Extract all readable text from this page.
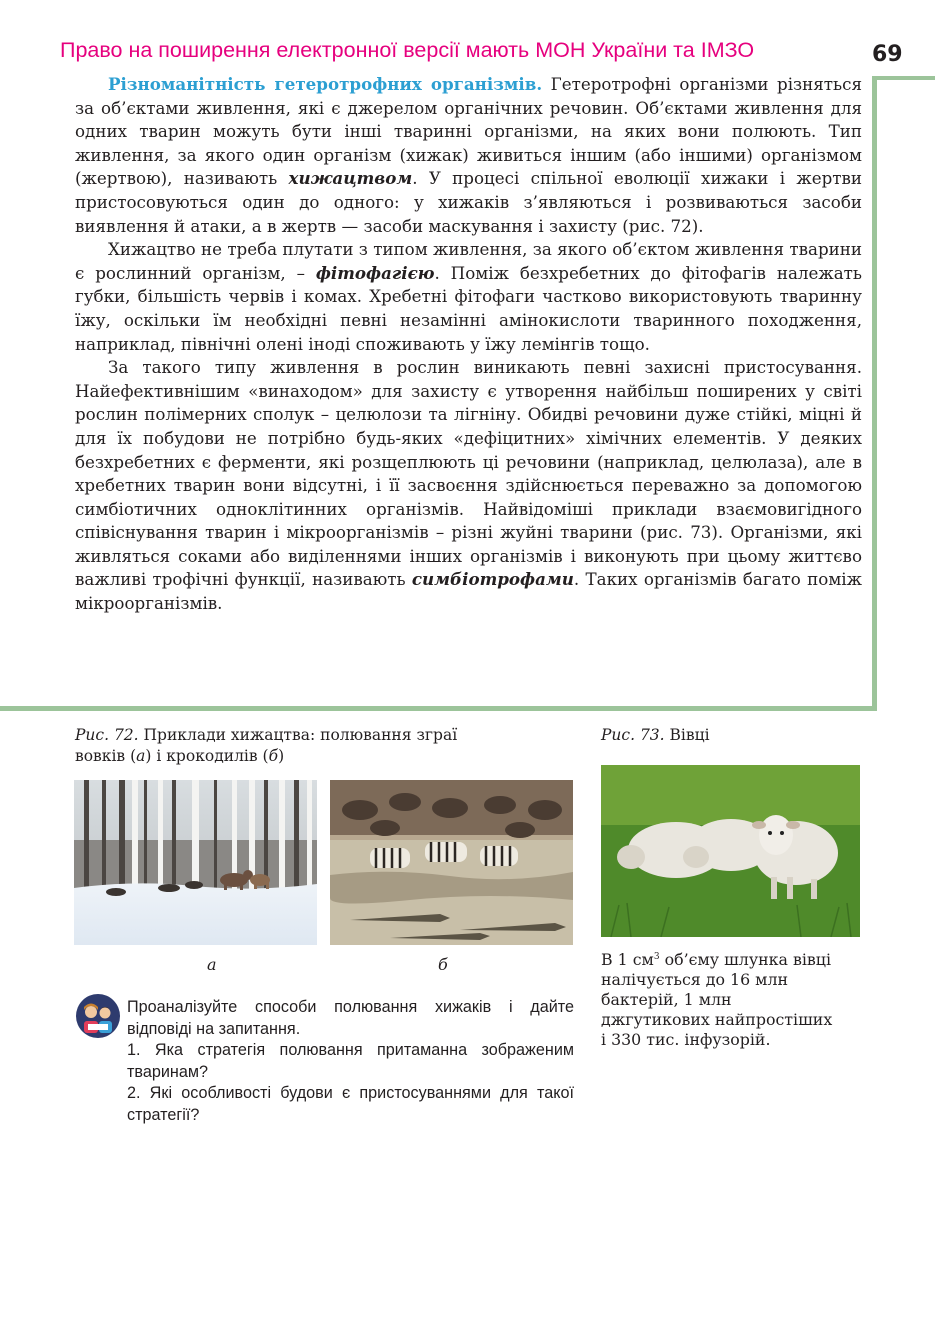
Право на поширення електронної версії мають МОН України та ІМЗО	69

Різноманітність гетеротрофних організмів. Гетеротрофні організми різняться за об’єктами живлення, які є джерелом органічних речовин. Об’єктами живлення для одних тварин можуть бути інші тваринні організми, на яких вони полюють. Тип живлення, за якого один організм (хижак) живиться іншим (або іншими) організмом (жертвою), називають хижацтвом. У процесі спільної еволюції хижаки і жертви пристосовуються один до одного: у хижаків з’являються і розвиваються засоби виявлення й атаки, а в жертв — засоби маскування і захисту (рис. 72).

Хижацтво не треба плутати з типом живлення, за якого об’єктом живлення тварини є рослинний організм, – фітофагією. Поміж безхребетних до фітофагів належать губки, більшість червів і комах. Хребетні фітофаги частково використовують тваринну їжу, оскільки їм необхідні певні незамінні амінокислоти тваринного походження, наприклад, північні олені іноді споживають у їжу лемінгів тощо.

За такого типу живлення в рослин виникають певні захисні пристосування. Найефективнішим «винаходом» для захисту є утворення найбільш поширених у світі рослин полімерних сполук – целюлози та лігніну. Обидві речовини дуже стійкі, міцні й для їх побудови не потрібно будь-яких «дефіцитних» хімічних елементів. У деяких безхребетних є ферменти, які розщеплюють ці речовини (наприклад, целюлаза), але в хребетних тварин вони відсутні, і її засвоєння здійснюється переважно за допомогою симбіотичних одноклітинних організмів. Найвідоміші приклади взаємовигідного співіснування тварин і мікроорганізмів – різні жуйні тварини (рис. 73). Організми, які живляться соками або виділеннями інших організмів і виконують при цьому життєво важливі трофічні функції, називають симбіотрофами. Таких організмів багато поміж мікроорганізмів.

Рис. 72. Приклади хижацтва: полювання зграї вовків (а) і крокодилів (б)
Рис. 73. Вівці
а	б	В 1 $см^3$ об’єму шлунка вівці налічується до 16 млн бактерій, 1 млн джгутикових найпростіших і 330 тис. інфузорій.
Проаналізуйте способи полювання хижаків і дайте відповіді на запитання.
1. Яка стратегія полювання притаманна зображеним тваринам?
2. Які особливості будови є пристосуваннями для такої стратегії?
